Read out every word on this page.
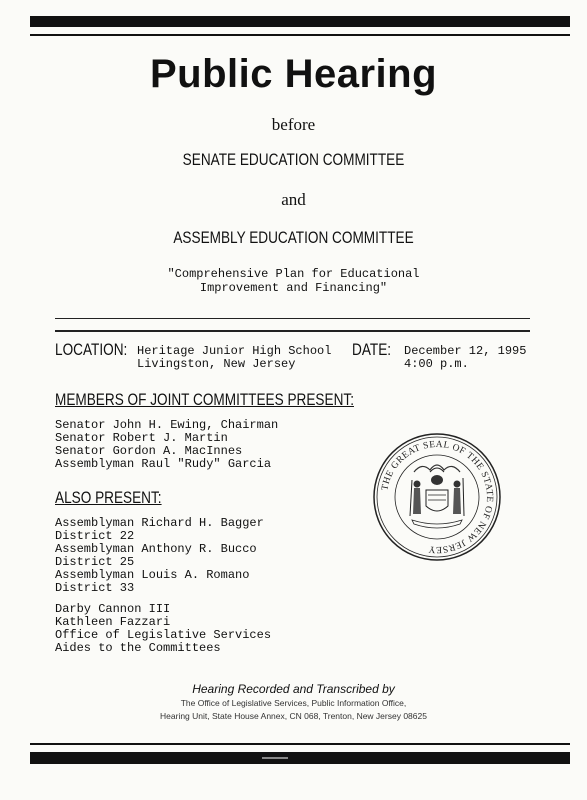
Public Hearing
before
SENATE EDUCATION COMMITTEE
and
ASSEMBLY EDUCATION COMMITTEE
"Comprehensive Plan for Educational
Improvement and Financing"
LOCATION: Heritage Junior High School
Livingston, New Jersey
DATE: December 12, 1995
4:00 p.m.
MEMBERS OF JOINT COMMITTEES PRESENT:
Senator John H. Ewing, Chairman
Senator Robert J. Martin
Senator Gordon A. MacInnes
Assemblyman Raul "Rudy" Garcia
ALSO PRESENT:
Assemblyman Richard H. Bagger
District 22
Assemblyman Anthony R. Bucco
District 25
Assemblyman Louis A. Romano
District 33
Darby Cannon III
Kathleen Fazzari
Office of Legislative Services
Aides to the Committees
THE GREAT SEAL OF THE STATE OF NEW JERSEY
Hearing Recorded and Transcribed by
The Office of Legislative Services, Public Information Office,
Hearing Unit, State House Annex, CN 068, Trenton, New Jersey 08625
